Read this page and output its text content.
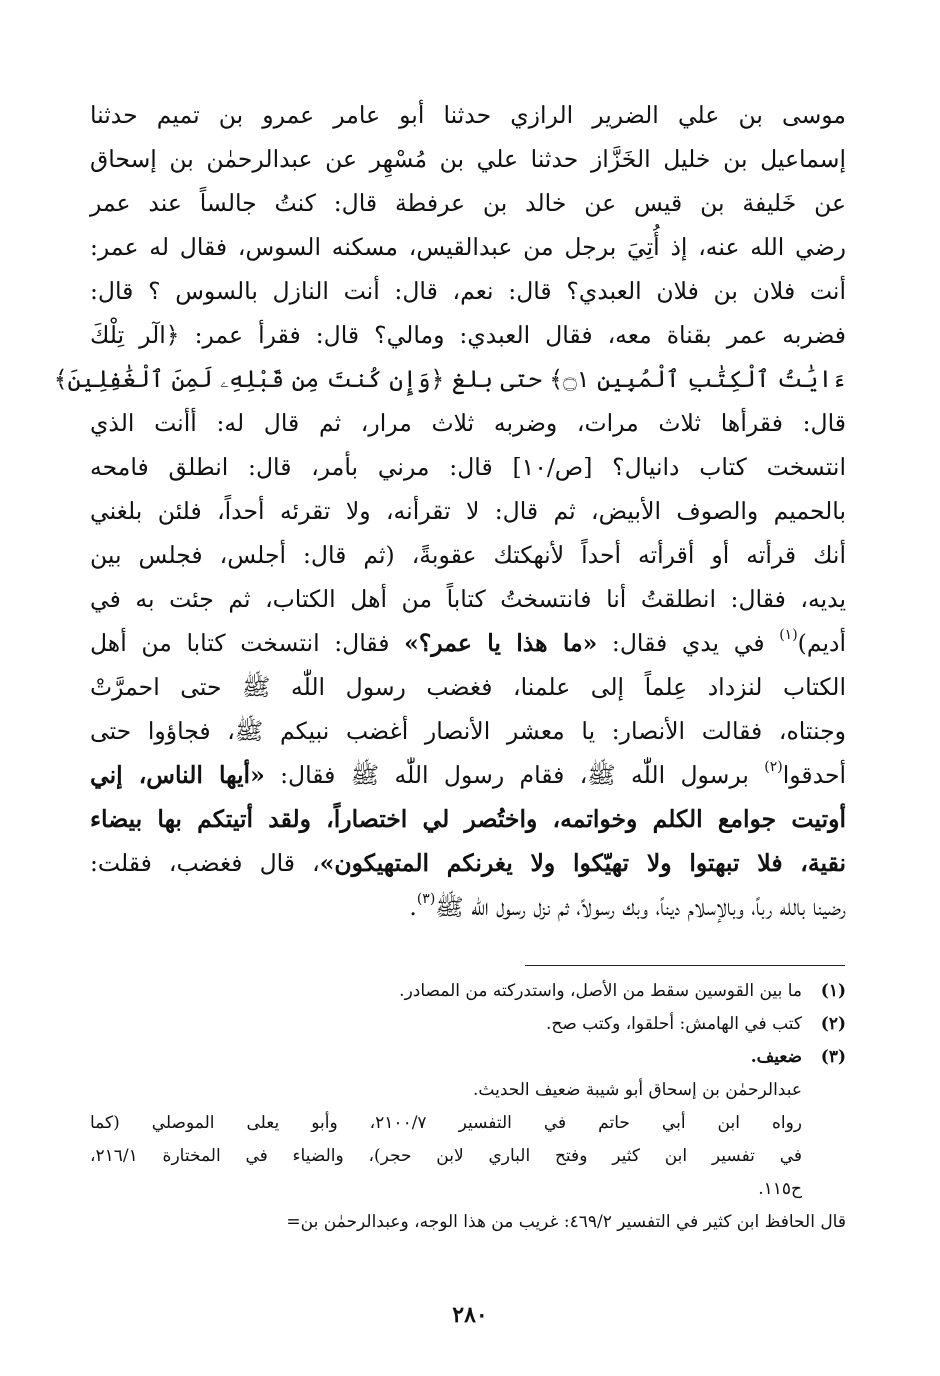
موسى بن علي الضرير الرازي حدثنا أبو عامر عمرو بن تميم حدثنا
إسماعيل بن خليل الخَزَّاز حدثنا علي بن مُسْهِر عن عبدالرحمٰن بن إسحاق
عن خَليفة بن قيس عن خالد بن عرفطة قال: كنتُ جالساً عند عمر
رضي الله عنه، إذ أُتِيَ برجل من عبدالقيس، مسكنه السوس، فقال له عمر:
أنت فلان بن فلان العبدي؟ قال: نعم، قال: أنت النازل بالسوس ؟ قال:
فضربه عمر بقناة معه، فقال العبدي: ومالي؟ قال: فقرأ عمر: ﴿الٓر تِلْكَ
ءَايَٰتُ ٱلْكِتَٰبِ ٱلْمُبِينِ ۝١﴾ حتى بلغ ﴿وَإِن كُنتَ مِن قَبْلِهِۦ لَمِنَ ٱلْغَٰفِلِينَ﴾
قال: فقرأها ثلاث مرات، وضربه ثلاث مرار، ثم قال له: أأنت الذي
انتسخت كتاب دانيال؟ [ص/١٠] قال: مرني بأمر، قال: انطلق فامحه
بالحميم والصوف الأبيض، ثم قال: لا تقرأنه، ولا تقرئه أحداً، فلئن بلغني
أنك قرأته أو أقرأته أحداً لأنهكتك عقوبةً، (ثم قال: أجلس، فجلس بين
يديه، فقال: انطلقتُ أنا فانتسختُ كتاباً من أهل الكتاب، ثم جئت به في
أديم)$^{(١)}$ في يدي فقال: «ما هذا يا عمر؟» فقال: انتسخت كتابا من أهل
الكتاب لنزداد عِلماً إلى علمنا، فغضب رسول اللّٰه ﷺ حتى احمرَّتْ
وجنتاه، فقالت الأنصار: يا معشر الأنصار أغضب نبيكم ﷺ، فجاؤوا حتى
أحدقوا$^{(٢)}$ برسول اللّٰه ﷺ، فقام رسول اللّٰه ﷺ فقال: «أيها الناس، إني
أوتيت جوامع الكلم وخواتمه، واختُصر لي اختصاراً، ولقد أتيتكم بها بيضاء
نقية، فلا تبهتوا ولا تهيّكوا ولا يغرنكم المتهيكون»، قال فغضب، فقلت:
رضينا بالله رباً، وبالإسلام ديناً، وبك رسولاً، ثم نزل رسول الله ﷺ$^{(٣)}$.
(١)ما بين القوسين سقط من الأصل، واستدركته من المصادر.
(٢)كتب في الهامش: أحلقوا، وكتب صح.
(٣)ضعيف.
عبدالرحمٰن بن إسحاق أبو شيبة ضعيف الحديث.
رواه ابن أبي حاتم في التفسير ٢١٠٠/٧، وأبو يعلى الموصلي (كما
في تفسير ابن كثير وفتح الباري لابن حجر)، والضياء في المختارة ٢١٦/١،
ح١١٥.
قال الحافظ ابن كثير في التفسير ٤٦٩/٢: غريب من هذا الوجه، وعبدالرحمٰن بن=
٢٨٠
